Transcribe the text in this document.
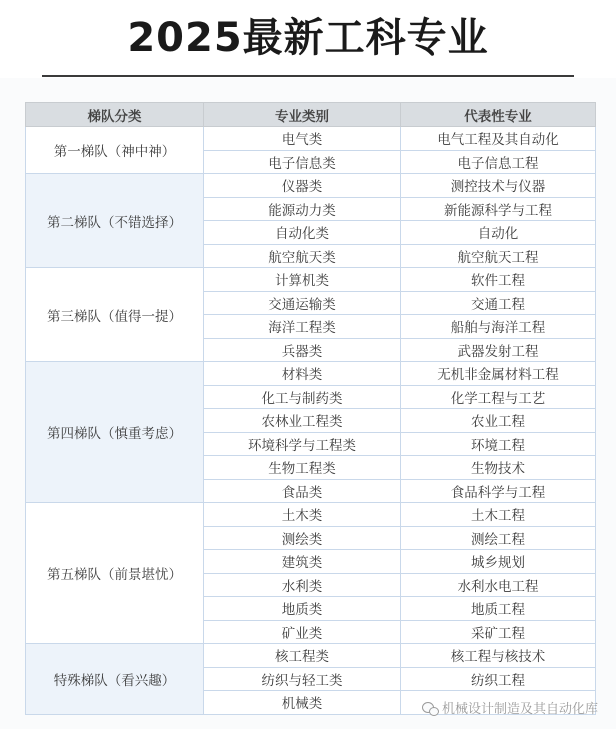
2025最新工科专业
梯队分类	专业类别	代表性专业
第一梯队（神中神）	电气类	电气工程及其自动化
	电子信息类	电子信息工程
第二梯队（不错选择）	仪器类	测控技术与仪器
	能源动力类	新能源科学与工程
	自动化类	自动化
	航空航天类	航空航天工程
第三梯队（值得一提）	计算机类	软件工程
	交通运输类	交通工程
	海洋工程类	船舶与海洋工程
	兵器类	武器发射工程
第四梯队（慎重考虑）	材料类	无机非金属材料工程
	化工与制药类	化学工程与工艺
	农林业工程类	农业工程
	环境科学与工程类	环境工程
	生物工程类	生物技术
	食品类	食品科学与工程
第五梯队（前景堪忧）	土木类	土木工程
	测绘类	测绘工程
	建筑类	城乡规划
	水利类	水利水电工程
	地质类	地质工程
	矿业类	采矿工程
特殊梯队（看兴趣）	核工程类	核工程与核技术
	纺织与轻工类	纺织工程
	机械类		机械设计制造及其自动化库
